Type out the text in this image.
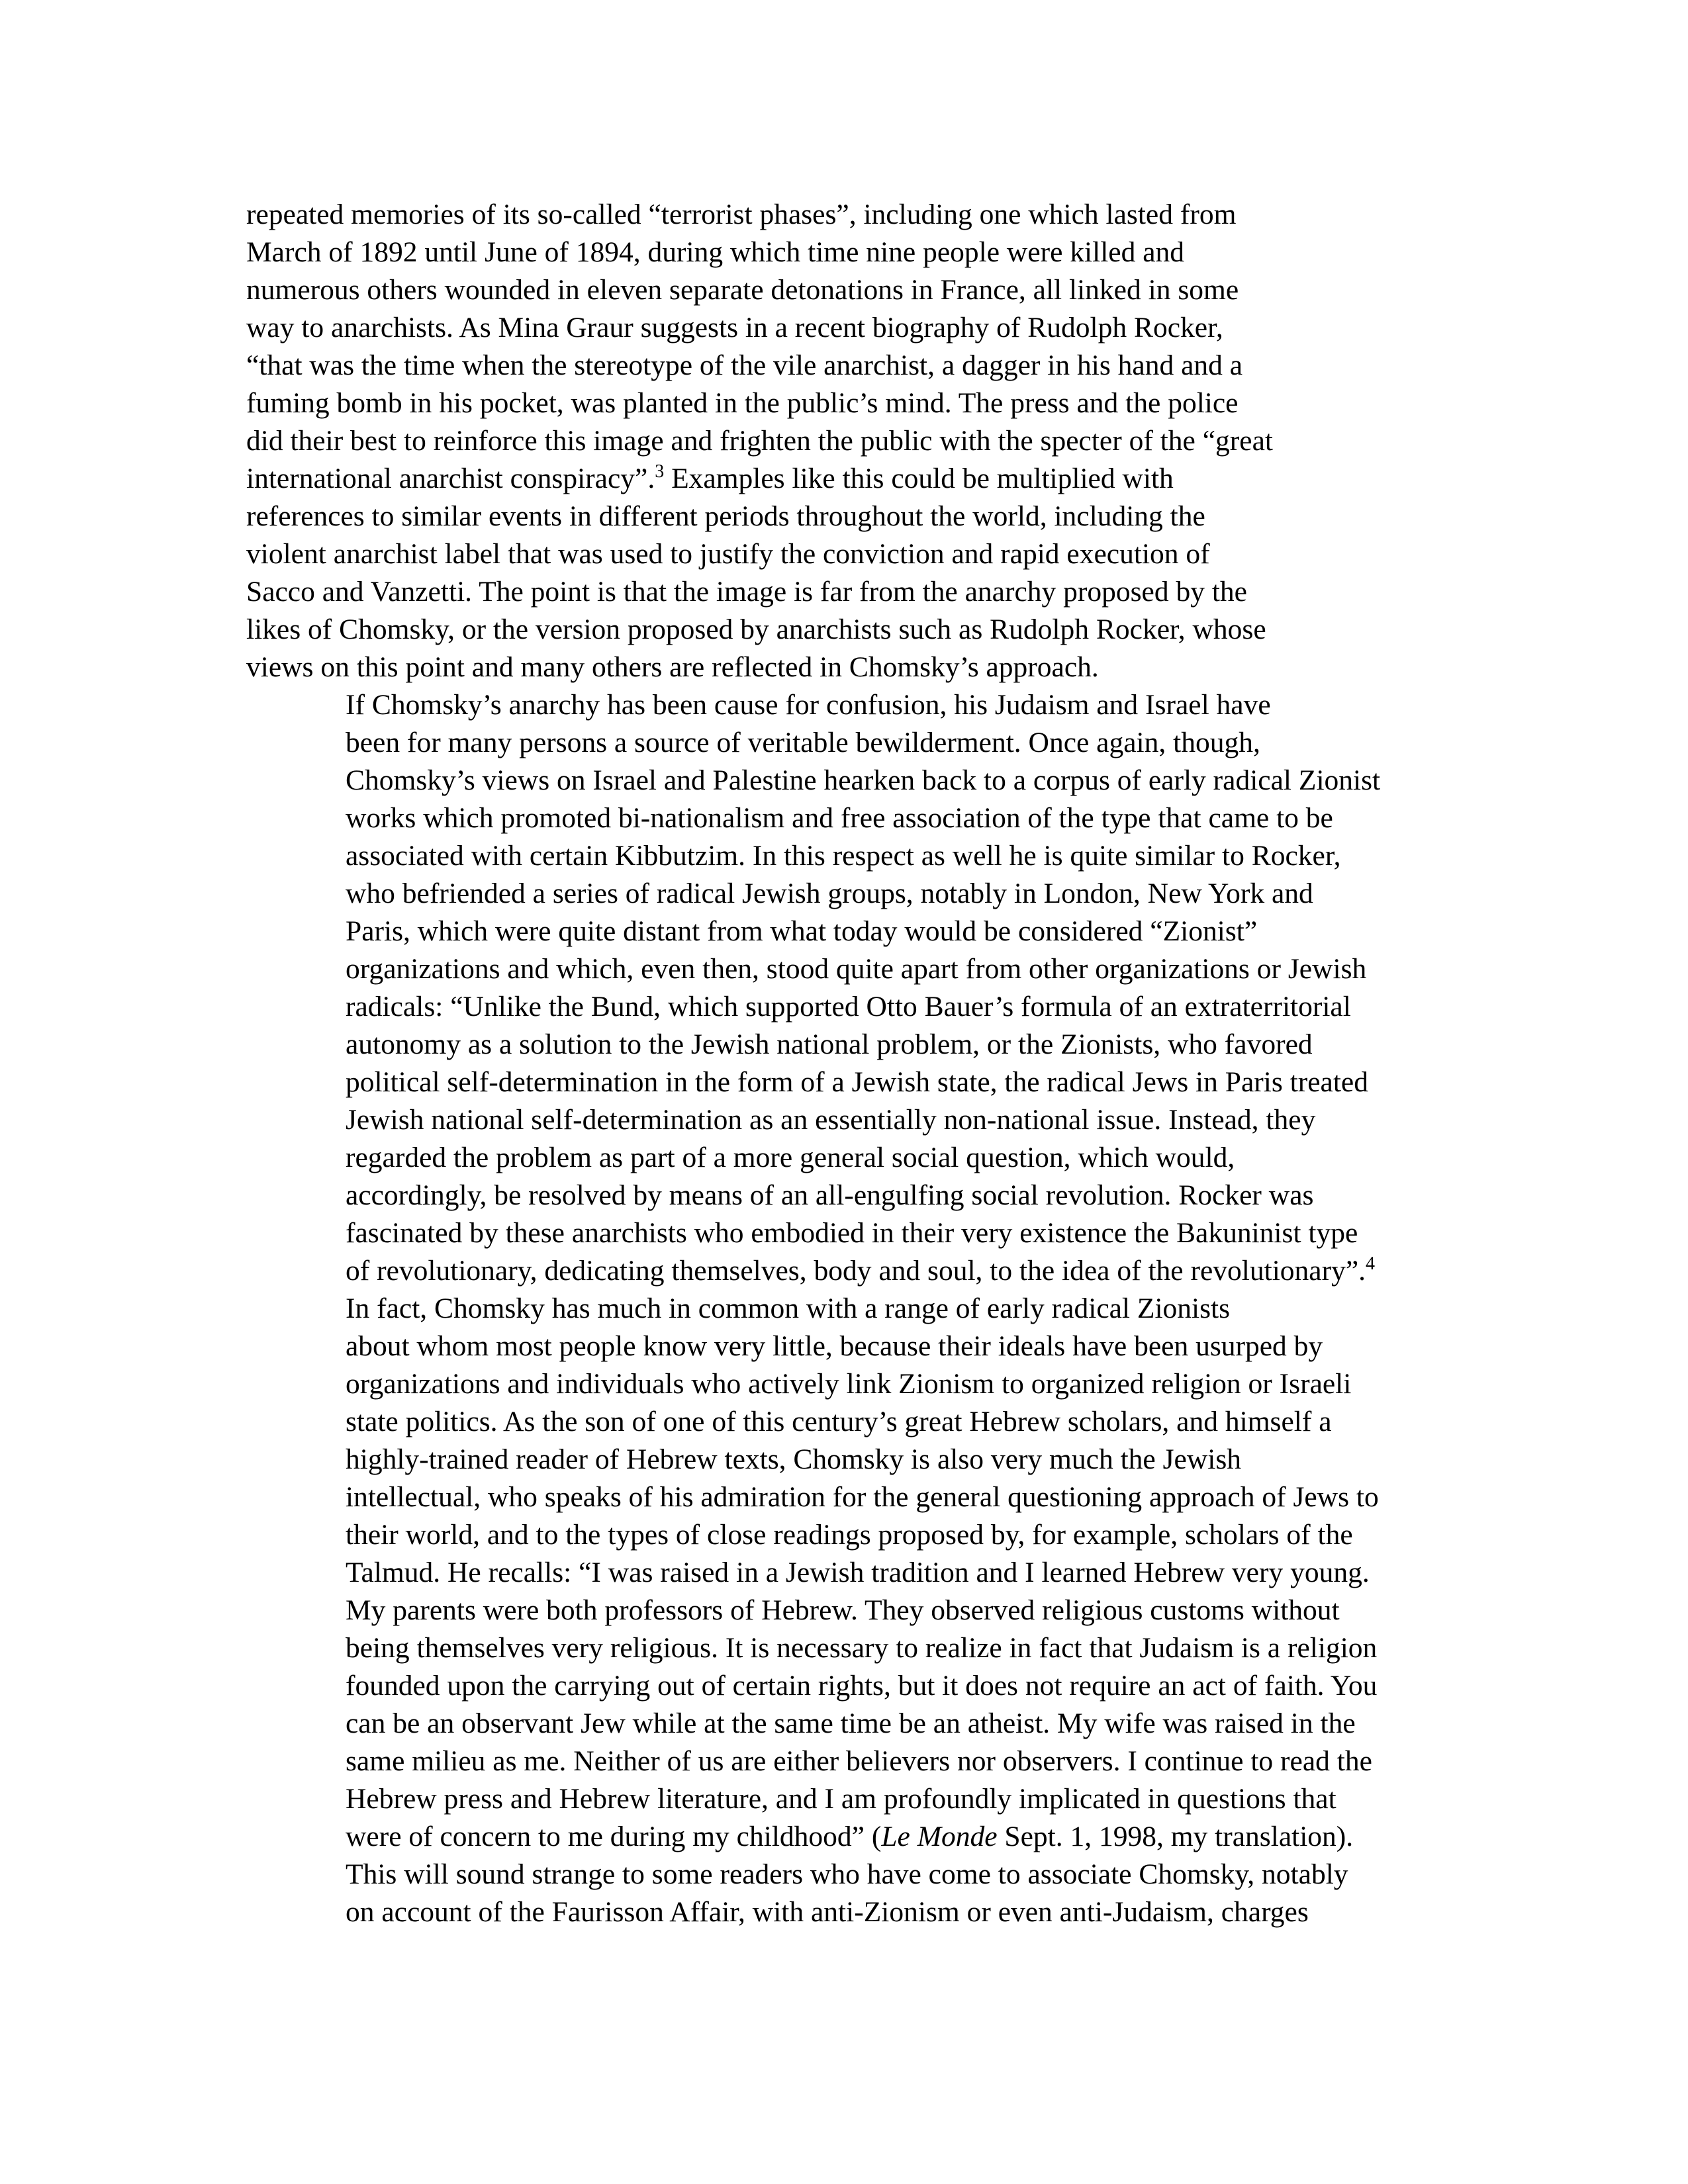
repeated memories of its so-called “terrorist phases”, including one which lasted from
March of 1892 until June of 1894, during which time nine people were killed and
numerous others wounded in eleven separate detonations in France, all linked in some
way to anarchists. As Mina Graur suggests in a recent biography of Rudolph Rocker,
“that was the time when the stereotype of the vile anarchist, a dagger in his hand and a
fuming bomb in his pocket, was planted in the public’s mind. The press and the police
did their best to reinforce this image and frighten the public with the specter of the “great
international anarchist conspiracy”.$^3$ Examples like this could be multiplied with
references to similar events in different periods throughout the world, including the
violent anarchist label that was used to justify the conviction and rapid execution of
Sacco and Vanzetti. The point is that the image is far from the anarchy proposed by the
likes of Chomsky, or the version proposed by anarchists such as Rudolph Rocker, whose
views on this point and many others are reflected in Chomsky’s approach.

If Chomsky’s anarchy has been cause for confusion, his Judaism and Israel have
been for many persons a source of veritable bewilderment. Once again, though,
Chomsky’s views on Israel and Palestine hearken back to a corpus of early radical Zionist
works which promoted bi-nationalism and free association of the type that came to be
associated with certain Kibbutzim. In this respect as well he is quite similar to Rocker,
who befriended a series of radical Jewish groups, notably in London, New York and
Paris, which were quite distant from what today would be considered “Zionist”
organizations and which, even then, stood quite apart from other organizations or Jewish
radicals: “Unlike the Bund, which supported Otto Bauer’s formula of an extraterritorial
autonomy as a solution to the Jewish national problem, or the Zionists, who favored
political self-determination in the form of a Jewish state, the radical Jews in Paris treated
Jewish national self-determination as an essentially non-national issue. Instead, they
regarded the problem as part of a more general social question, which would,
accordingly, be resolved by means of an all-engulfing social revolution. Rocker was
fascinated by these anarchists who embodied in their very existence the Bakuninist type
of revolutionary, dedicating themselves, body and soul, to the idea of the revolutionary”.$^4$

In fact, Chomsky has much in common with a range of early radical Zionists
about whom most people know very little, because their ideals have been usurped by
organizations and individuals who actively link Zionism to organized religion or Israeli
state politics. As the son of one of this century’s great Hebrew scholars, and himself a
highly-trained reader of Hebrew texts, Chomsky is also very much the Jewish
intellectual, who speaks of his admiration for the general questioning approach of Jews to
their world, and to the types of close readings proposed by, for example, scholars of the
Talmud. He recalls: “I was raised in a Jewish tradition and I learned Hebrew very young.
My parents were both professors of Hebrew. They observed religious customs without
being themselves very religious. It is necessary to realize in fact that Judaism is a religion
founded upon the carrying out of certain rights, but it does not require an act of faith. You
can be an observant Jew while at the same time be an atheist. My wife was raised in the
same milieu as me. Neither of us are either believers nor observers. I continue to read the
Hebrew press and Hebrew literature, and I am profoundly implicated in questions that
were of concern to me during my childhood” (Le Monde Sept. 1, 1998, my translation).
This will sound strange to some readers who have come to associate Chomsky, notably
on account of the Faurisson Affair, with anti-Zionism or even anti-Judaism, charges
